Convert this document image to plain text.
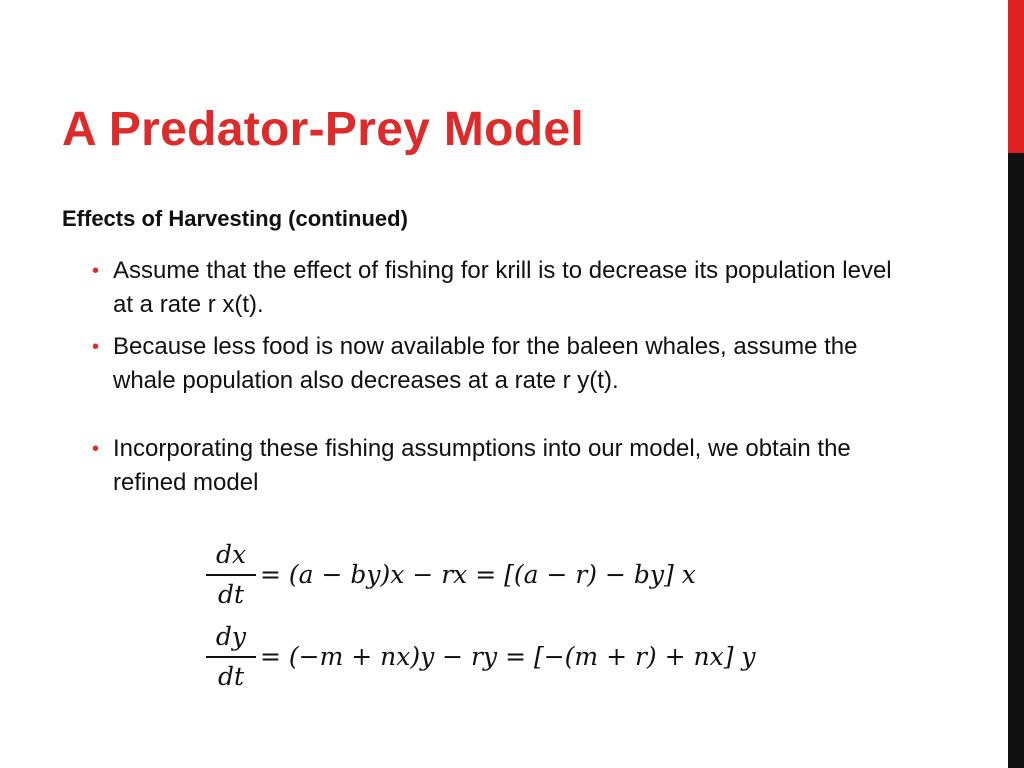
A Predator-Prey Model
Effects of Harvesting (continued)
• Assume that the effect of fishing for krill is to decrease its population level at a rate r x(t).
• Because less food is now available for the baleen whales, assume the whale population also decreases at a rate r y(t).
• Incorporating these fishing assumptions into our model, we obtain the refined model
dx
dt
= (a − by)x − rx = [(a − r) − by] x
dy
dt
= (−m + nx)y − ry = [−(m + r) + nx] y
